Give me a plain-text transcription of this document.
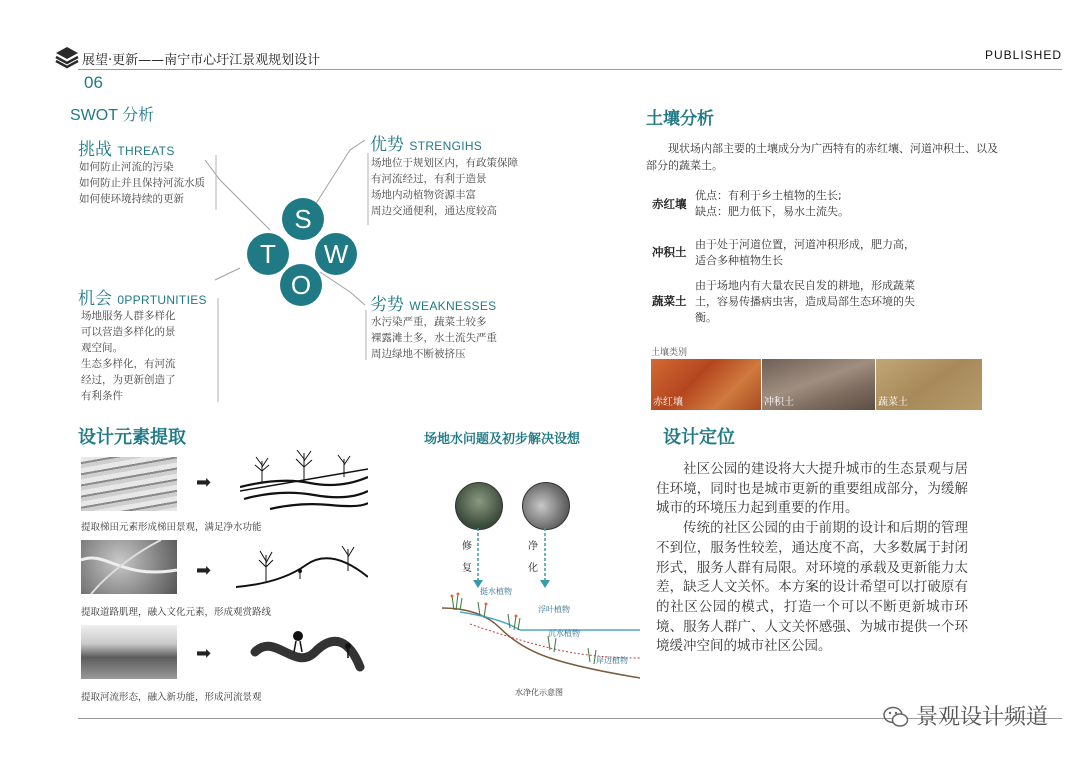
展望·更新——南宁市心圩江景观规划设计	PUBLISHED
06
SWOT 分析
挑战 THREATS
如何防止河流的污染
如何防止并且保持河流水质
如何使环境持续的更新
优势 STRENGIHS
场地位于规划区内，有政策保障
有河流经过，有利于造景
场地内动植物资源丰富
周边交通便利，通达度较高
机会 0PPRTUNITIES
场地服务人群多样化
可以营造多样化的景
观空间。
生态多样化，有河流
经过，为更新创造了
有利条件
劣势 WEAKNESSES
水污染严重，蔬菜土较多
裸露滩土多，水土流失严重
周边绿地不断被挤压
S
T	W
O
土壤分析
现状场内部主要的土壤成分为广西特有的赤红壤、河道冲积土、以及部分的蔬菜土。
赤红壤
优点：有利于乡土植物的生长;
缺点：肥力低下，易水土流失。
冲积土
由于处于河道位置，河道冲积形成，肥力高，
适合多种植物生长
蔬菜土
由于场地内有大量农民自发的耕地，形成蔬菜
土，容易传播病虫害，造成局部生态环境的失
衡。
土壤类别
赤红壤	冲积土	蔬菜土
设计元素提取
➡
提取梯田元素形成梯田景观，满足净水功能
➡
提取道路肌理，融入文化元素，形成观赏路线
➡
提取河流形态，融入新功能，形成河流景观
场地水问题及初步解决设想
修
复
净
化
挺水植物
浮叶植物
沉水植物
岸边植物
水净化示意图
设计定位

社区公园的建设将大大提升城市的生态景观与居住环境，同时也是城市更新的重要组成部分，为缓解城市的环境压力起到重要的作用。

传统的社区公园的由于前期的设计和后期的管理不到位，服务性较差，通达度不高，大多数属于封闭形式，服务人群有局限。对环境的承载及更新能力太差，缺乏人文关怀。本方案的设计希望可以打破原有的社区公园的模式，打造一个可以不断更新城市环境、服务人群广、人文关怀感强、为城市提供一个环境缓冲空间的城市社区公园。

景观设计频道
